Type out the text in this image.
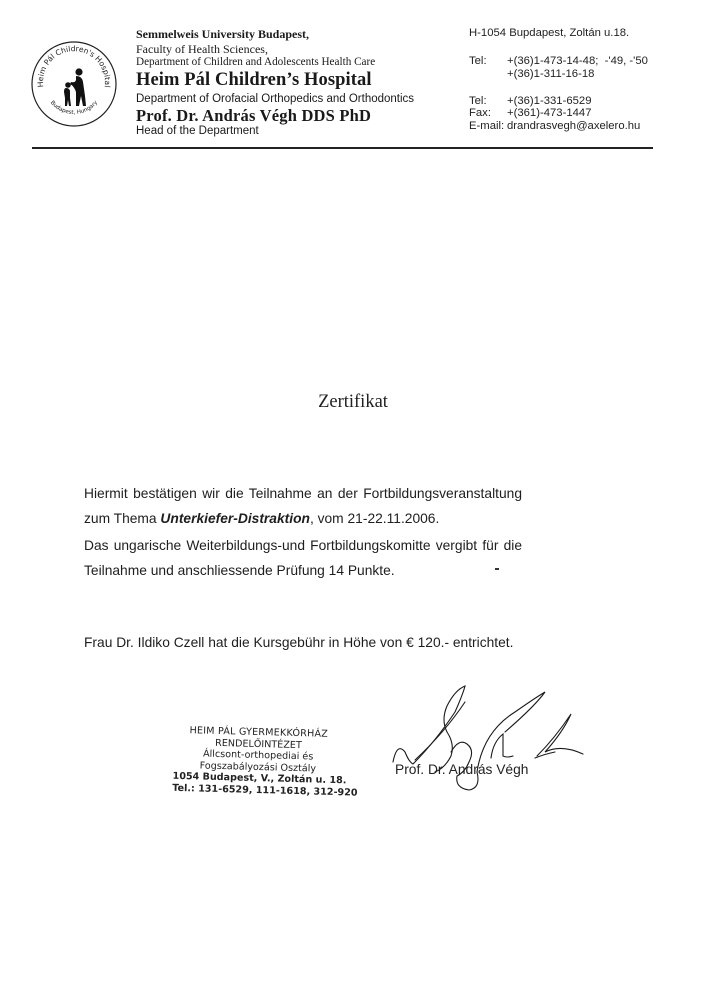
Heim Pál Children's Hospital
Budapest, Hungary
Semmelweis University Budapest,
Faculty of Health Sciences,
Department of Children and Adolescents Health Care
Heim Pál Children’s Hospital
Department of Orofacial Orthopedics and Orthodontics
Prof. Dr. András Végh DDS PhD
Head of the Department
H-1054 Bupdapest, Zoltán u.18.
Tel: +(36)1-473-14-48;  -'49, -'50
+(36)1-311-16-18
Tel: +(36)1-331-6529
Fax: +(361)-473-1447
E-mail: drandrasvegh@axelero.hu
Zertifikat
Hiermit bestätigen wir die Teilnahme an der Fortbildungsveranstaltung
zum Thema Unterkiefer-Distraktion, vom 21-22.11.2006.
Das ungarische Weiterbildungs-und Fortbildungskomitte vergibt für die
Teilnahme und anschliessende Prüfung 14 Punkte.
Frau Dr. Ildiko Czell hat die Kursgebühr in Höhe von € 120.- entrichtet.
HEIM PÁL GYERMEKKÓRHÁZ
RENDELŐINTÉZET
Állcsont-orthopediai és
Fogszabályozási Osztály
1054 Budapest, V., Zoltán u. 18.
Tel.: 131-6529, 111-1618, 312-920
Prof. Dr. András Végh
